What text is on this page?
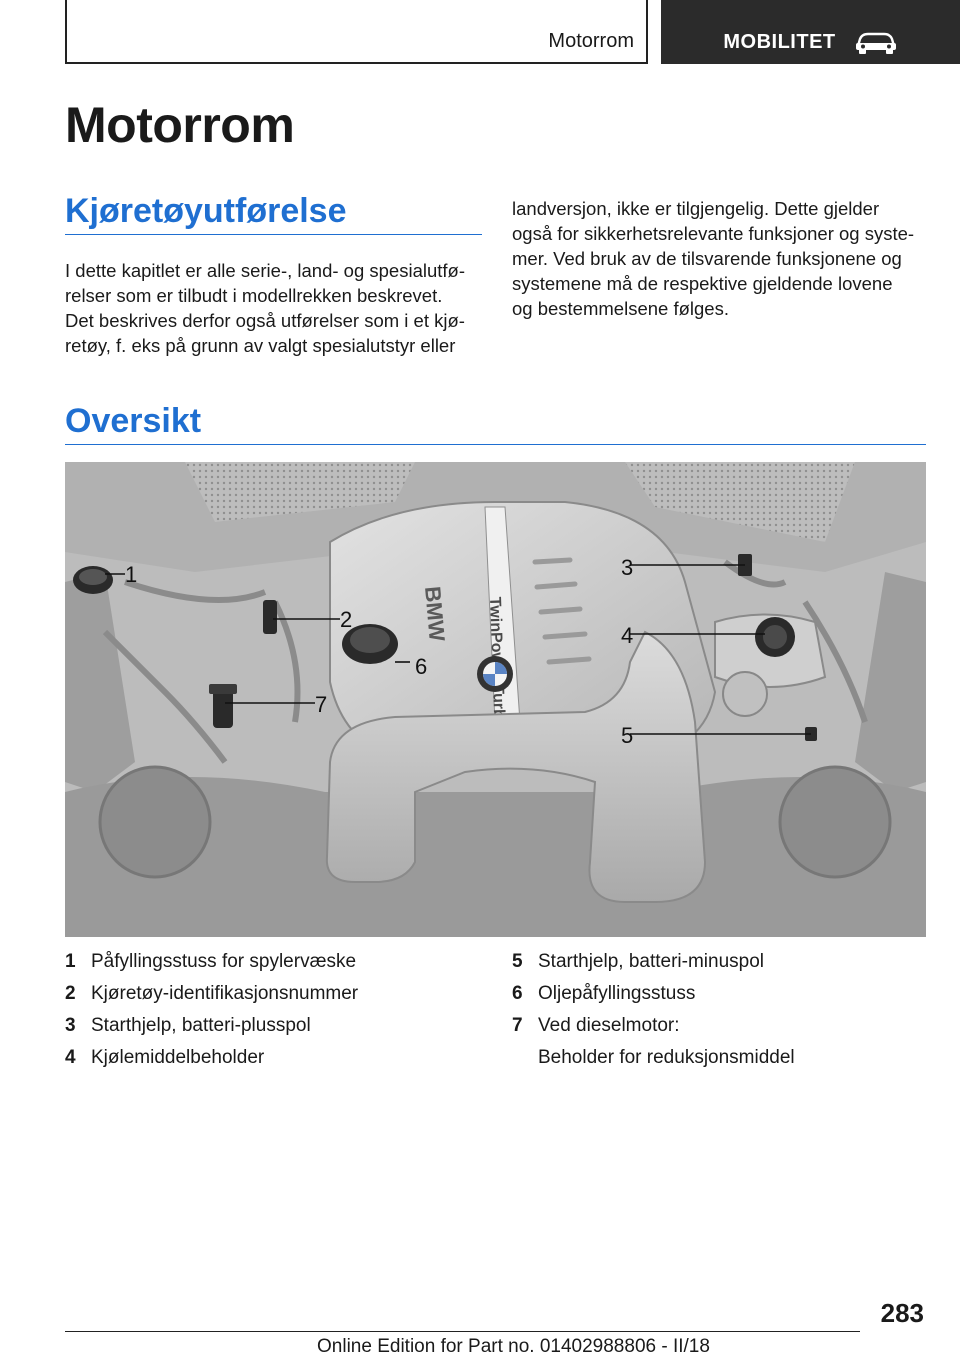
Motorrom	MOBILITET
Motorrom
Kjøretøyutførelse
I dette kapitlet er alle serie-, land- og spesialutfø-
relser som er tilbudt i modellrekken beskrevet.
Det beskrives derfor også utførelser som i et kjø-
retøy, f. eks på grunn av valgt spesialutstyr eller
landversjon, ikke er tilgjengelig. Dette gjelder
også for sikkerhetsrelevante funksjoner og syste-
mer. Ved bruk av de tilsvarende funksjonene og
systemene må de respektive gjeldende lovene
og bestemmelsene følges.
Oversikt
TwinPower Turbo
BMW
1
2
3
4
5
6
7
1 Påfyllingsstuss for spylervæske
2 Kjøretøy-identifikasjonsnummer
3 Starthjelp, batteri-plusspol
4 Kjølemiddelbeholder
5 Starthjelp, batteri-minuspol
6 Oljepåfyllingsstuss
7 Ved dieselmotor:
Beholder for reduksjonsmiddel
283
Online Edition for Part no. 01402988806 - II/18
